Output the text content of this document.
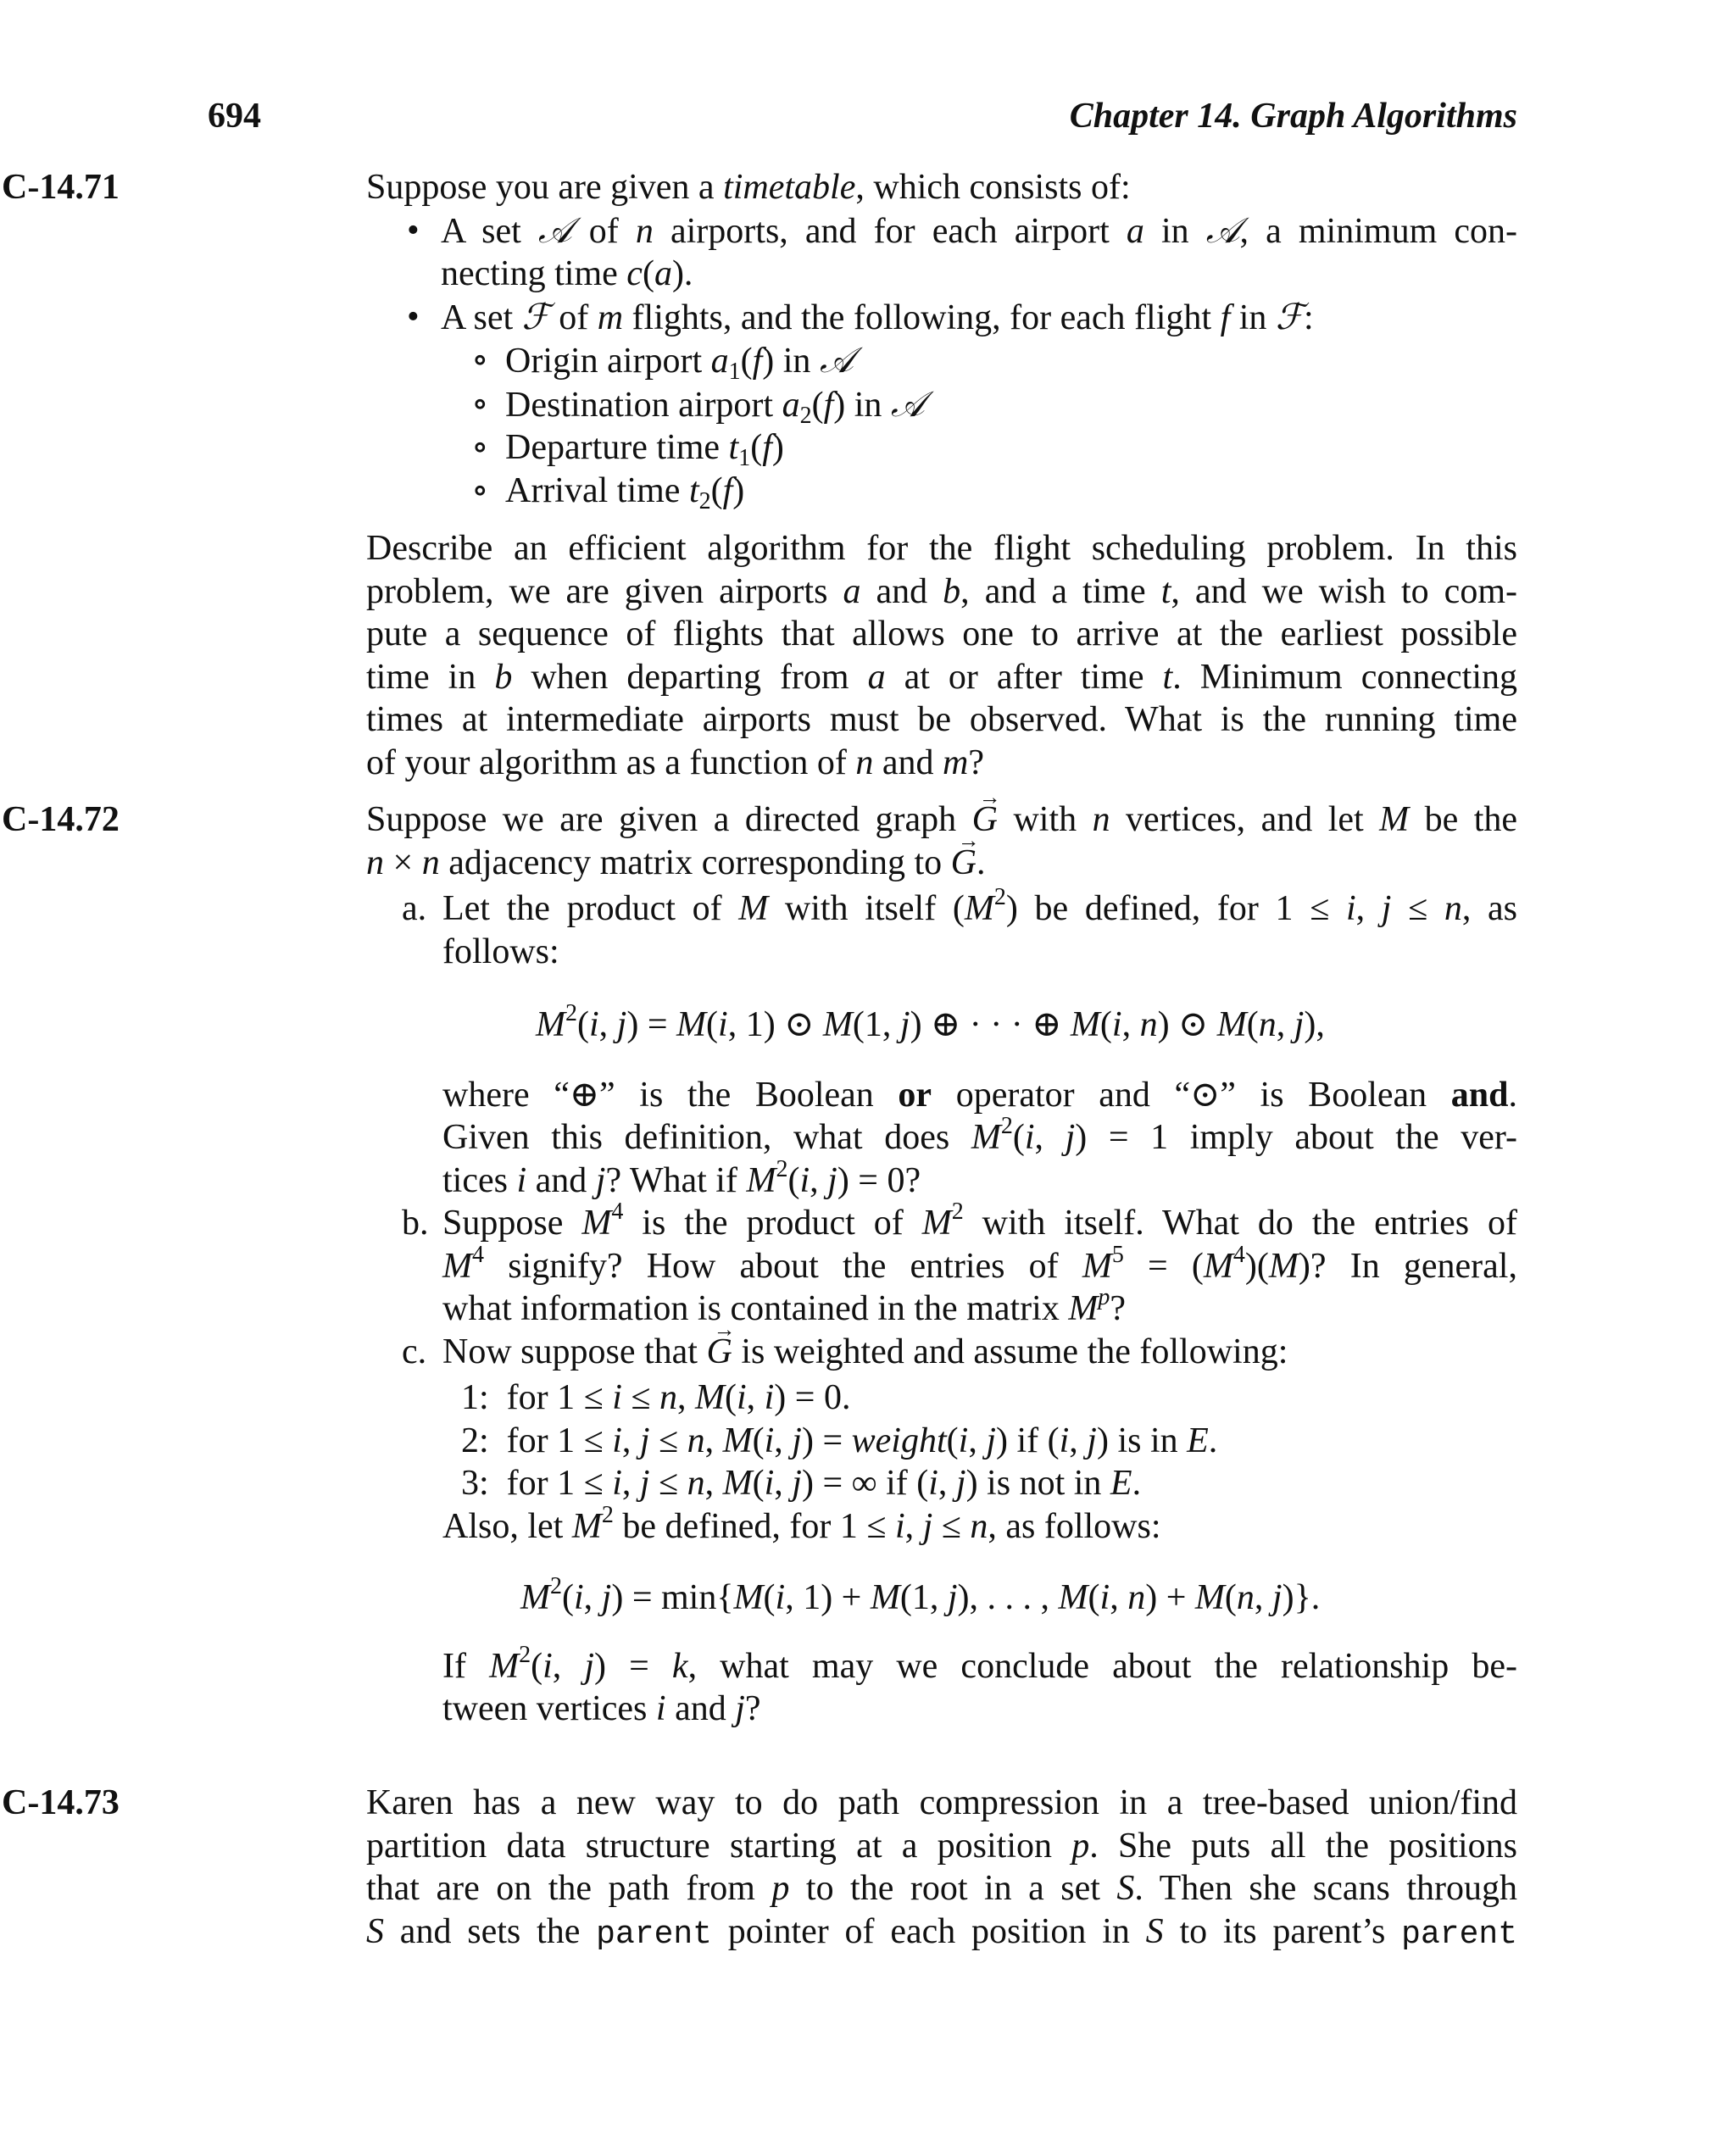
694	Chapter 14. Graph Algorithms
C-14.71	Suppose you are given a timetable, which consists of:
• A set 𝒜 of n airports, and for each airport a in 𝒜, a minimum con-
necting time c(a).
• A set ℱ of m flights, and the following, for each flight f in ℱ:
∘ Origin airport $a_1(f)$ in 𝒜
∘ Destination airport $a_2(f)$ in 𝒜
∘ Departure time $t_1(f)$
∘ Arrival time $t_2(f)$
Describe an efficient algorithm for the flight scheduling problem. In this
problem, we are given airports a and b, and a time t, and we wish to com-
pute a sequence of flights that allows one to arrive at the earliest possible
time in b when departing from a at or after time t. Minimum connecting
times at intermediate airports must be observed. What is the running time
of your algorithm as a function of n and m?
C-14.72	Suppose we are given a directed graph → G with n vertices, and let M be the
n × n adjacency matrix corresponding to → G.
a. Let the product of M with itself $(M^2)$ be defined, for 1 ≤ i, j ≤ n, as
follows:
$M^2(i$, j) = M(i, 1) ⊙ M(1, j) ⊕ · · · ⊕ M(i, n) ⊙ M(n, j),
where “⊕” is the Boolean or operator and “⊙” is Boolean and.
Given this definition, what does $M^2(i$, j) = 1 imply about the ver-
tices i and j? What if $M^2(i$, j) = 0?
b. Suppose $M^4$ is the product of $M^2$ with itself. What do the entries of
$M^4$ signify? How about the entries of $M^5 = (M^4)(M)$? In general,
what information is contained in the matrix $M^p$?
c. Now suppose that → G is weighted and assume the following:
1:  for 1 ≤ i ≤ n, M(i, i) = 0.
2:  for 1 ≤ i, j ≤ n, M(i, j) = weight(i, j) if (i, j) is in E.
3:  for 1 ≤ i, j ≤ n, M(i, j) = ∞ if (i, j) is not in E.
Also, let $M^2$ be defined, for 1 ≤ i, j ≤ n, as follows:
$M^2(i$, j) = min{M(i, 1) + M(1, j), . . . , M(i, n) + M(n, j)}.
If $M^2(i$, j) = k, what may we conclude about the relationship be-
tween vertices i and j?
C-14.73	Karen has a new way to do path compression in a tree-based union/find
partition data structure starting at a position p. She puts all the positions
that are on the path from p to the root in a set S. Then she scans through
S and sets the parent pointer of each position in S to its parent’s parent
